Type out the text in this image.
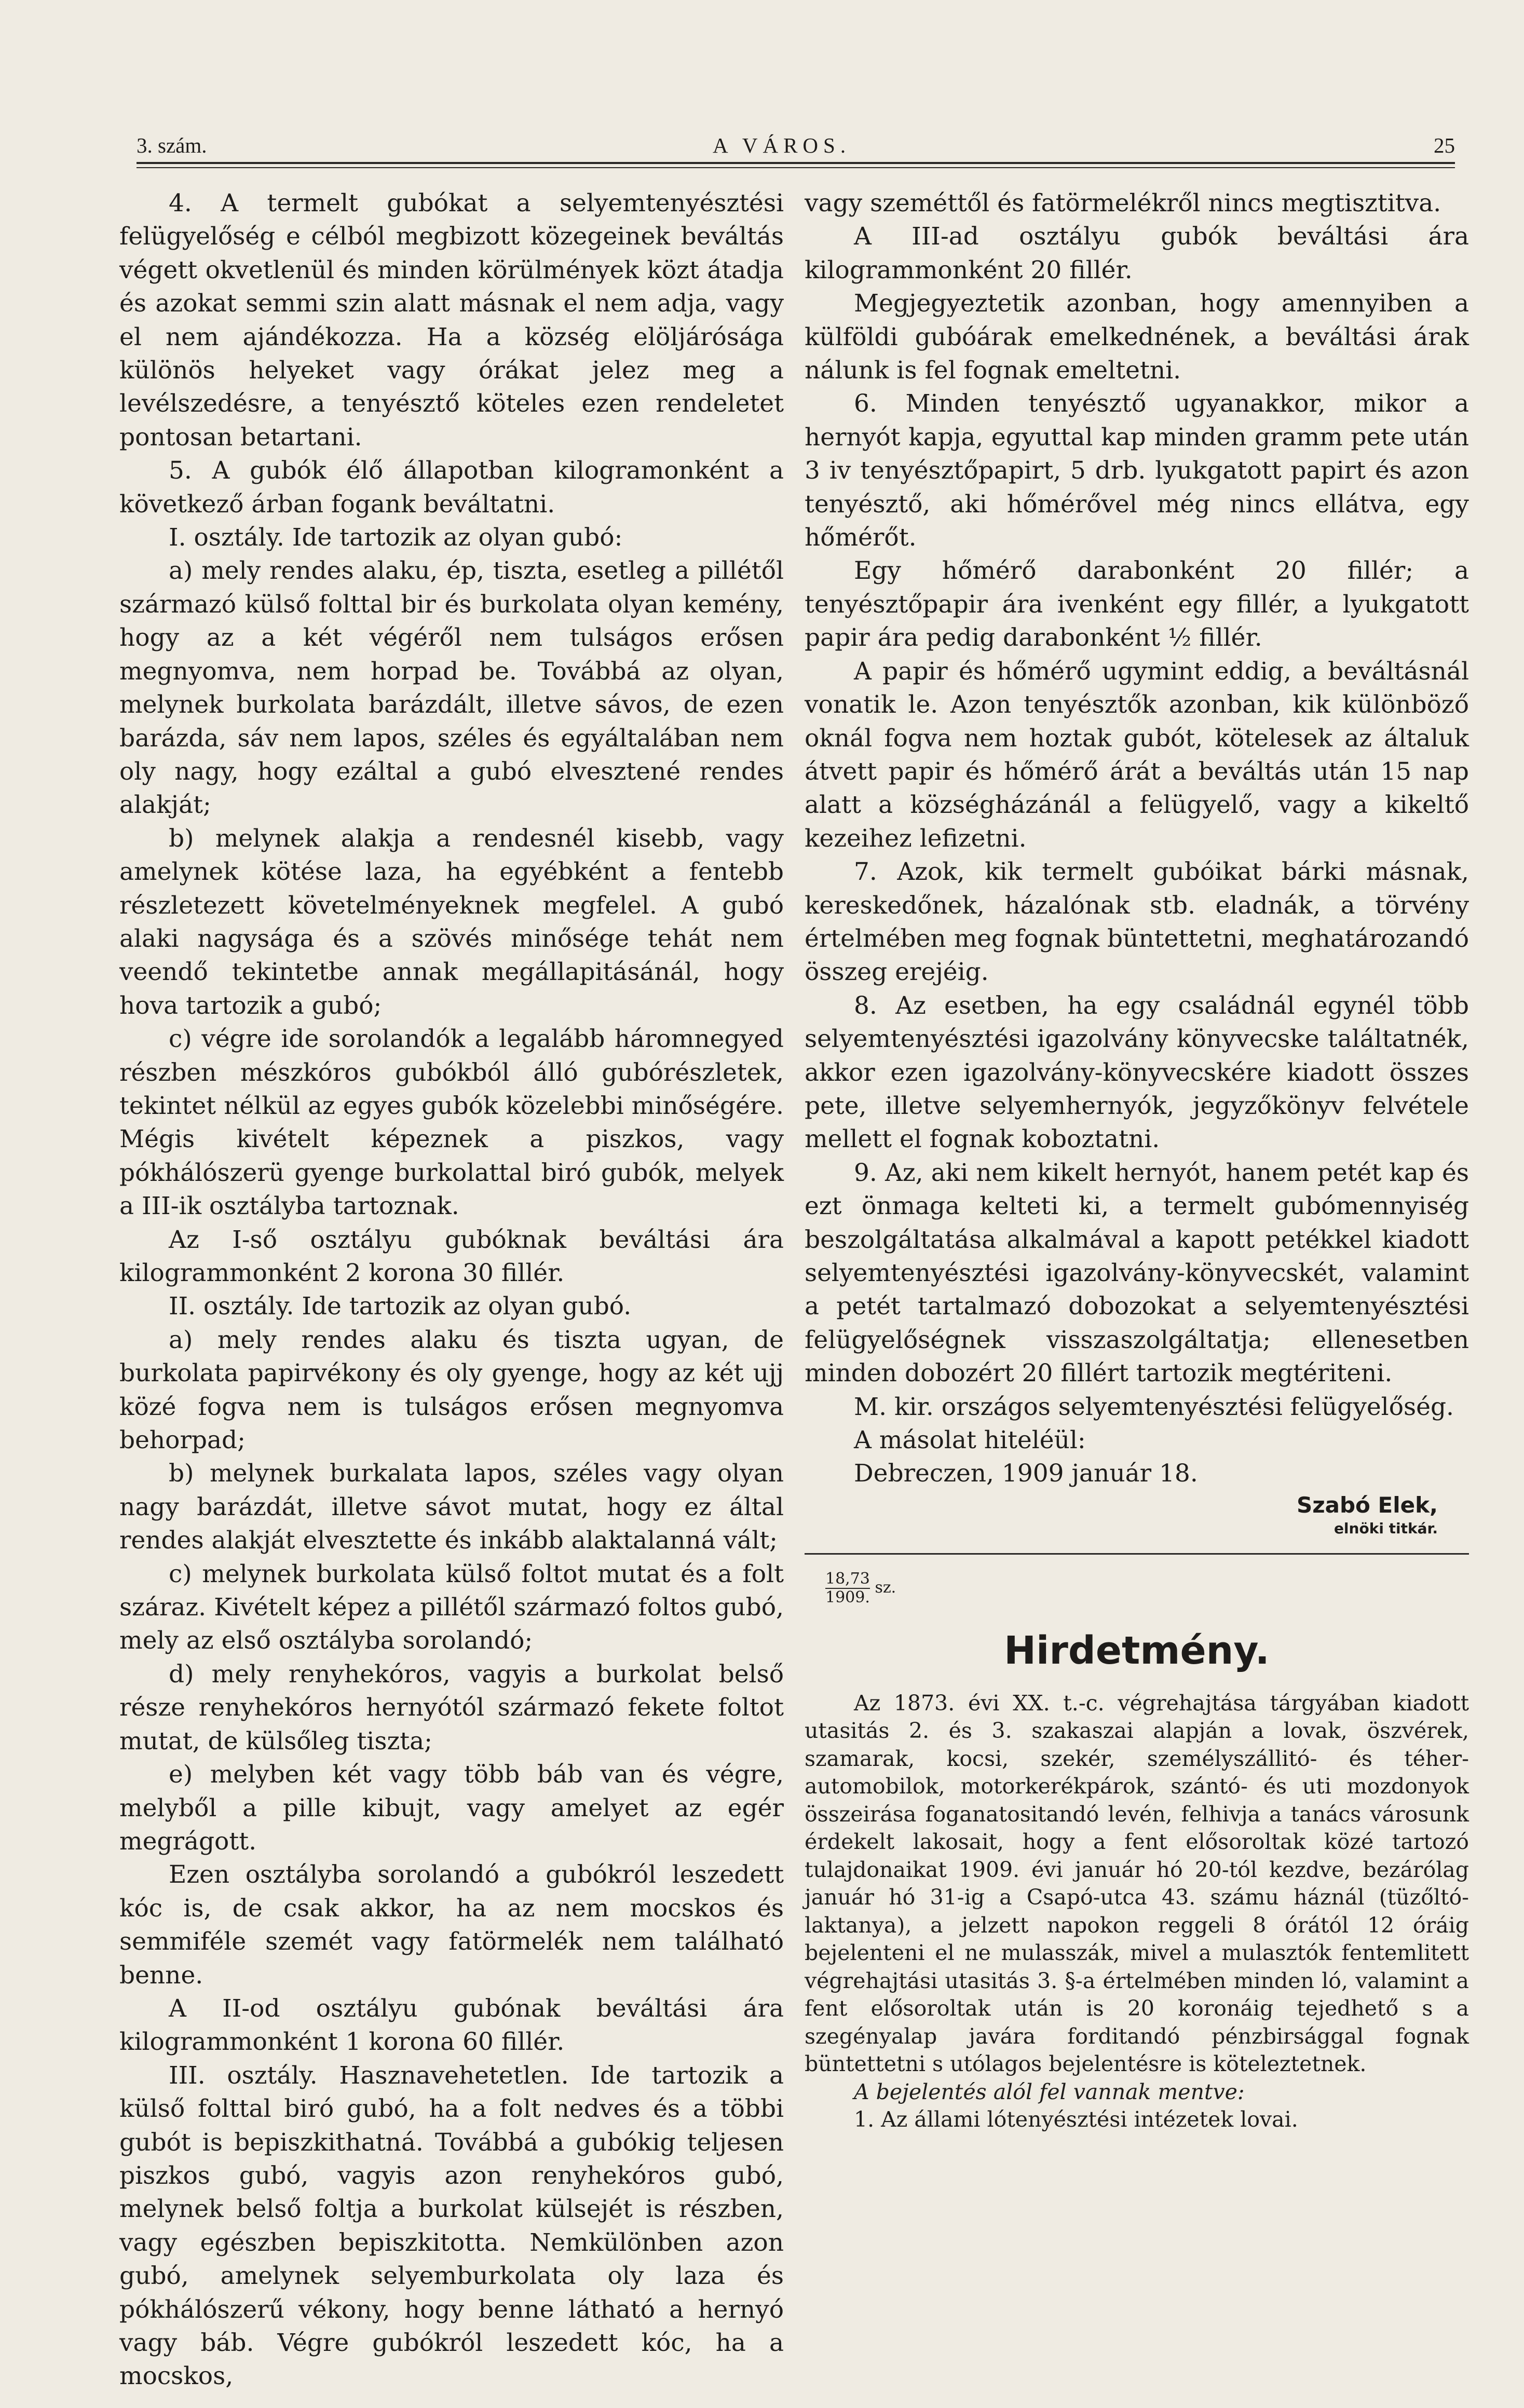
3. szám.	A VÁROS.	25

4. A termelt gubókat a selyemtenyésztési felügyelőség e célból megbizott közegeinek beváltás végett okvetlenül és minden körülmények közt átadja és azokat semmi szin alatt másnak el nem adja, vagy el nem ajándékozza. Ha a község elöljárósága különös helyeket vagy órákat jelez meg a levélszedésre, a tenyésztő köteles ezen rendeletet pontosan betartani.

5. A gubók élő állapotban kilogramonként a következő árban fogank beváltatni.

I. osztály. Ide tartozik az olyan gubó:

a) mely rendes alaku, ép, tiszta, esetleg a pillétől származó külső folttal bir és burkolata olyan kemény, hogy az a két végéről nem tulságos erősen megnyomva, nem horpad be. Továbbá az olyan, melynek burkolata barázdált, illetve sávos, de ezen barázda, sáv nem lapos, széles és egyáltalában nem oly nagy, hogy ezáltal a gubó elvesztené rendes alakját;

b) melynek alakja a rendesnél kisebb, vagy amelynek kötése laza, ha egyébként a fentebb részletezett követelményeknek megfelel. A gubó alaki nagysága és a szövés minősége tehát nem veendő tekintetbe annak megállapitásánál, hogy hova tartozik a gubó;

c) végre ide sorolandók a legalább háromnegyed részben mészkóros gubókból álló gubórészletek, tekintet nélkül az egyes gubók közelebbi minőségére. Mégis kivételt képeznek a piszkos, vagy pókhálószerü gyenge burkolattal biró gubók, melyek a III-ik osztályba tartoznak.

Az I-ső osztályu gubóknak beváltási ára kilogrammonként 2 korona 30 fillér.

II. osztály. Ide tartozik az olyan gubó.

a) mely rendes alaku és tiszta ugyan, de burkolata papirvékony és oly gyenge, hogy az két ujj közé fogva nem is tulságos erősen megnyomva behorpad;

b) melynek burkalata lapos, széles vagy olyan nagy barázdát, illetve sávot mutat, hogy ez által rendes alakját elvesztette és inkább alaktalanná vált;

c) melynek burkolata külső foltot mutat és a folt száraz. Kivételt képez a pillétől származó foltos gubó, mely az első osztályba sorolandó;

d) mely renyhekóros, vagyis a burkolat belső része renyhekóros hernyótól származó fekete foltot mutat, de külsőleg tiszta;

e) melyben két vagy több báb van és végre, melyből a pille kibujt, vagy amelyet az egér megrágott.

Ezen osztályba sorolandó a gubókról leszedett kóc is, de csak akkor, ha az nem mocskos és semmiféle szemét vagy fatörmelék nem található benne.

A II-od osztályu gubónak beváltási ára kilogrammonként 1 korona 60 fillér.

III. osztály. Hasznavehetetlen. Ide tartozik a külső folttal biró gubó, ha a folt nedves és a többi gubót is bepiszkithatná. Továbbá a gubókig teljesen piszkos gubó, vagyis azon renyhekóros gubó, melynek belső foltja a burkolat külsejét is részben, vagy egészben bepiszkitotta. Nemkülönben azon gubó, amelynek selyemburkolata oly laza és pókhálószerű vékony, hogy benne látható a hernyó vagy báb. Végre gubókról leszedett kóc, ha a mocskos,

vagy szeméttől és fatörmelékről nincs megtisztitva.

A III-ad osztályu gubók beváltási ára kilogrammonként 20 fillér.

Megjegyeztetik azonban, hogy amennyiben a külföldi gubóárak emelkednének, a beváltási árak nálunk is fel fognak emeltetni.

6. Minden tenyésztő ugyanakkor, mikor a hernyót kapja, egyuttal kap minden gramm pete után 3 iv tenyésztőpapirt, 5 drb. lyukgatott papirt és azon tenyésztő, aki hőmérővel még nincs ellátva, egy hőmérőt.

Egy hőmérő darabonként 20 fillér; a tenyésztőpapir ára ivenként egy fillér, a lyukgatott papir ára pedig darabonként ½ fillér.

A papir és hőmérő ugymint eddig, a beváltásnál vonatik le. Azon tenyésztők azonban, kik különböző oknál fogva nem hoztak gubót, kötelesek az általuk átvett papir és hőmérő árát a beváltás után 15 nap alatt a községházánál a felügyelő, vagy a kikeltő kezeihez lefizetni.

7. Azok, kik termelt gubóikat bárki másnak, kereskedőnek, házalónak stb. eladnák, a törvény értelmében meg fognak büntettetni, meghatározandó összeg erejéig.

8. Az esetben, ha egy családnál egynél több selyemtenyésztési igazolvány könyvecske találtatnék, akkor ezen igazolvány-könyvecskére kiadott összes pete, illetve selyemhernyók, jegyzőkönyv felvétele mellett el fognak koboztatni.

9. Az, aki nem kikelt hernyót, hanem petét kap és ezt önmaga kelteti ki, a termelt gubómennyiség beszolgáltatása alkalmával a kapott petékkel kiadott selyemtenyésztési igazolvány-könyvecskét, valamint a petét tartalmazó dobozokat a selyemtenyésztési felügyelőségnek visszaszolgáltatja; ellenesetben minden dobozért 20 fillért tartozik megtériteni.

M. kir. országos selyemtenyésztési felügyelőség.

A másolat hiteléül:

Debreczen, 1909 január 18.

Szabó Elek,
elnöki titkár.
$\frac{18,73}{1909.}$ sz.
Hirdetmény.

Az 1873. évi XX. t.-c. végrehajtása tárgyában kiadott utasitás 2. és 3. szakaszai alapján a lovak, öszvérek, szamarak, kocsi, szekér, személyszállitó- és téher-automobilok, motorkerékpárok, szántó- és uti mozdonyok összeirása foganatositandó levén, felhivja a tanács városunk érdekelt lakosait, hogy a fent elősoroltak közé tartozó tulajdonaikat 1909. évi január hó 20-tól kezdve, bezárólag január hó 31-ig a Csapó-utca 43. számu háznál (tüzőltó-laktanya), a jelzett napokon reggeli 8 órától 12 óráig bejelenteni el ne mulasszák, mivel a mulasztók fentemlitett végrehajtási utasitás 3. §-a értelmében minden ló, valamint a fent elősoroltak után is 20 koronáig tejedhető s a szegényalap javára forditandó pénzbirsággal fognak büntettetni s utólagos bejelentésre is köteleztetnek.

A bejelentés alól fel vannak mentve:

1. Az állami lótenyésztési intézetek lovai.
